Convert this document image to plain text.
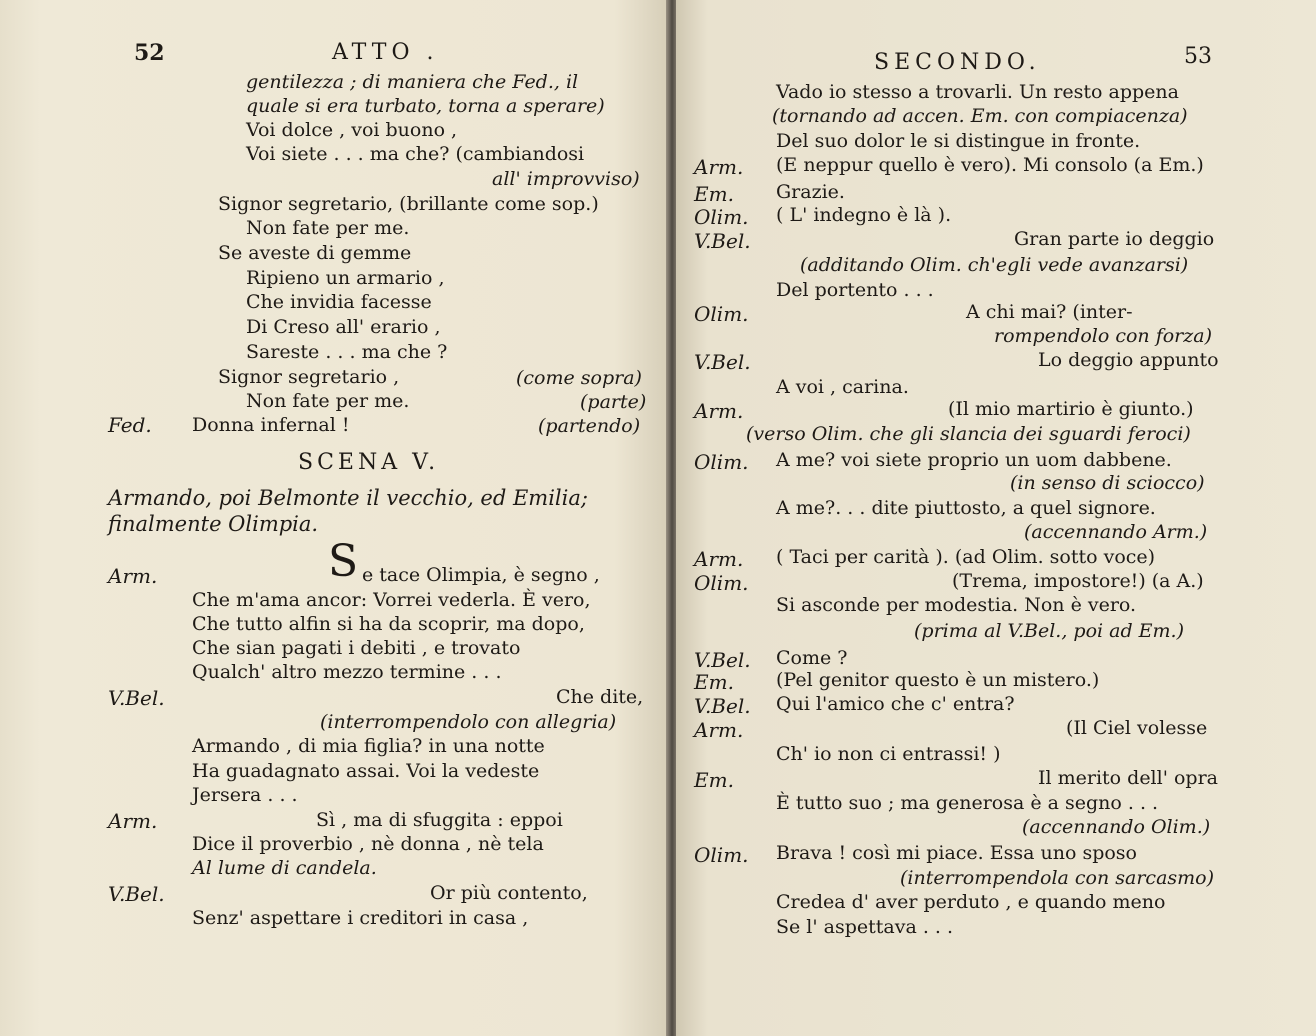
52	ATTO .
gentilezza ; di maniera che Fed., il
quale si era turbato, torna a sperare)
Voi dolce , voi buono ,
Voi siete . . . ma che? (cambiandosi
all' improvviso)
Signor segretario, (brillante come sop.)
Non fate per me.
Se aveste di gemme
Ripieno un armario ,
Che invidia facesse
Di Creso all' erario ,
Sareste . . . ma che ?
Signor segretario ,	(come sopra)
Non fate per me.	(parte)
Fed. Donna infernal !	(partendo)
SCENA V.
Armando, poi Belmonte il vecchio, ed Emilia;
finalmente Olimpia.
Arm.	S e tace Olimpia, è segno ,
Che m'ama ancor: Vorrei vederla. È vero,
Che tutto alfin si ha da scoprir, ma dopo,
Che sian pagati i debiti , e trovato
Qualch' altro mezzo termine . . .
V.Bel.	Che dite,
(interrompendolo con allegria)
Armando , di mia figlia? in una notte
Ha guadagnato assai. Voi la vedeste
Jersera . . .
Arm.	Sì , ma di sfuggita : eppoi
Dice il proverbio , nè donna , nè tela
Al lume di candela.
V.Bel.	Or più contento,
Senz' aspettare i creditori in casa ,
SECONDO.	53
Vado io stesso a trovarli. Un resto appena
(tornando ad accen. Em. con compiacenza)
Del suo dolor le si distingue in fronte.
Arm. (E neppur quello è vero). Mi consolo (a Em.)
Em. Grazie.
Olim. ( L' indegno è là ).
V.Bel.	Gran parte io deggio
(additando Olim. ch'egli vede avanzarsi)
Del portento . . .
Olim.	A chi mai? (inter-
rompendolo con forza)
V.Bel.	Lo deggio appunto
A voi , carina.
Arm.	(Il mio martirio è giunto.)
(verso Olim. che gli slancia dei sguardi feroci)
Olim. A me? voi siete proprio un uom dabbene.
(in senso di sciocco)
A me?. . . dite piuttosto, a quel signore.
(accennando Arm.)
Arm. ( Taci per carità ). (ad Olim. sotto voce)
Olim.	(Trema, impostore!) (a A.)
Si asconde per modestia. Non è vero.
(prima al V.Bel., poi ad Em.)
V.Bel. Come ?
Em. (Pel genitor questo è un mistero.)
V.Bel. Qui l'amico che c' entra?
Arm.	(Il Ciel volesse
Ch' io non ci entrassi! )
Em.	Il merito dell' opra
È tutto suo ; ma generosa è a segno . . .
(accennando Olim.)
Olim. Brava ! così mi piace. Essa uno sposo
(interrompendola con sarcasmo)
Credea d' aver perduto , e quando meno
Se l' aspettava . . .
